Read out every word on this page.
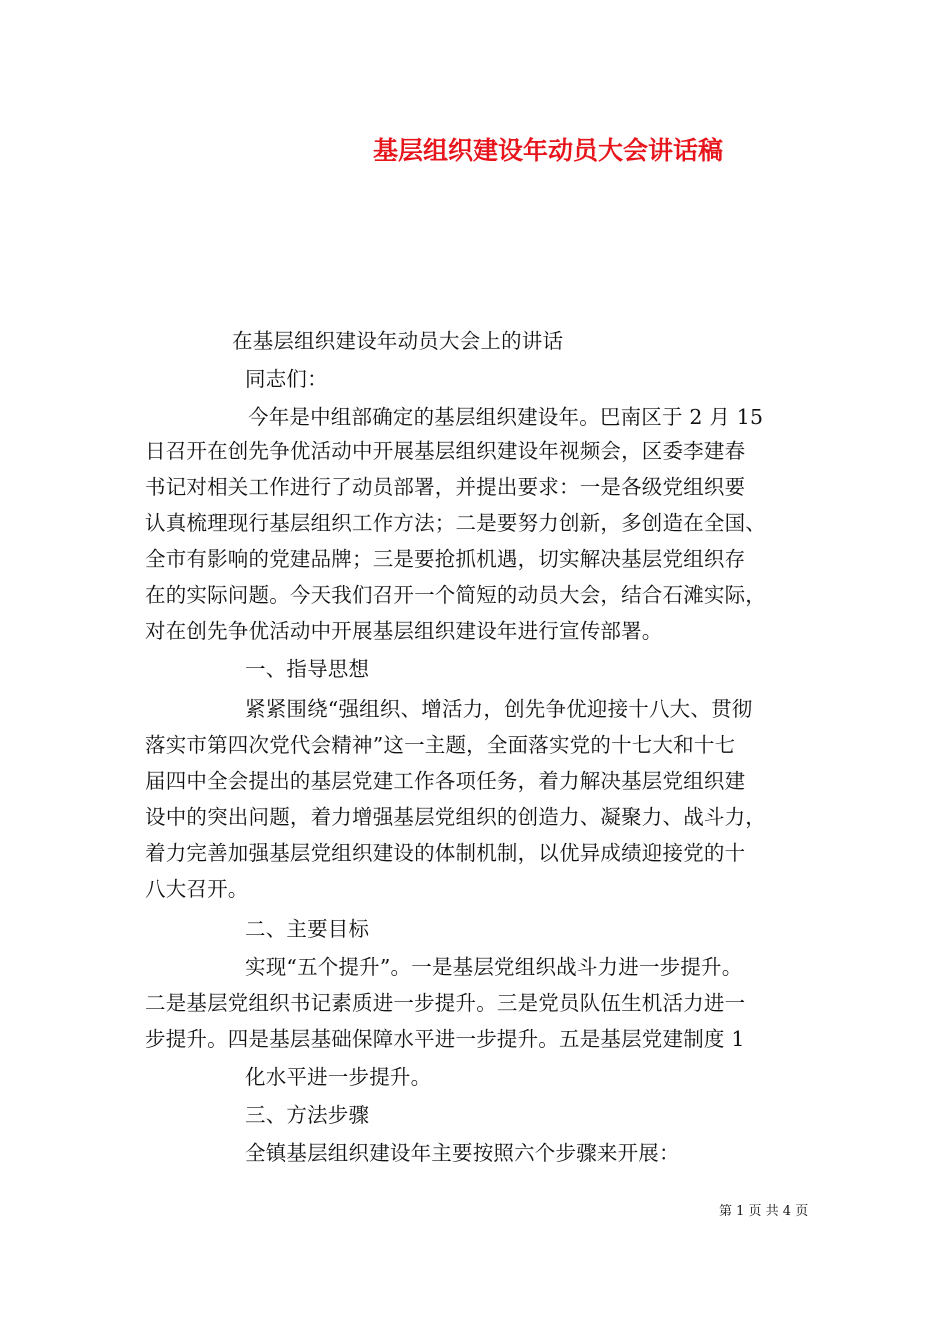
基层组织建设年动员大会讲话稿
在基层组织建设年动员大会上的讲话
同志们：
今年是中组部确定的基层组织建设年。巴南区于 2 月 15
日召开在创先争优活动中开展基层组织建设年视频会，区委李建春
书记对相关工作进行了动员部署，并提出要求：一是各级党组织要
认真梳理现行基层组织工作方法；二是要努力创新，多创造在全国、
全市有影响的党建品牌；三是要抢抓机遇，切实解决基层党组织存
在的实际问题。今天我们召开一个简短的动员大会，结合石滩实际，
对在创先争优活动中开展基层组织建设年进行宣传部署。
一、指导思想
紧紧围绕“强组织、增活力，创先争优迎接十八大、贯彻
落实市第四次党代会精神”这一主题，全面落实党的十七大和十七
届四中全会提出的基层党建工作各项任务，着力解决基层党组织建
设中的突出问题，着力增强基层党组织的创造力、凝聚力、战斗力，
着力完善加强基层党组织建设的体制机制，以优异成绩迎接党的十
八大召开。
二、主要目标
实现“五个提升”。一是基层党组织战斗力进一步提升。
二是基层党组织书记素质进一步提升。三是党员队伍生机活力进一
步提升。四是基层基础保障水平进一步提升。五是基层党建制度 1
化水平进一步提升。
三、方法步骤
全镇基层组织建设年主要按照六个步骤来开展：
第 1 页 共 4 页
